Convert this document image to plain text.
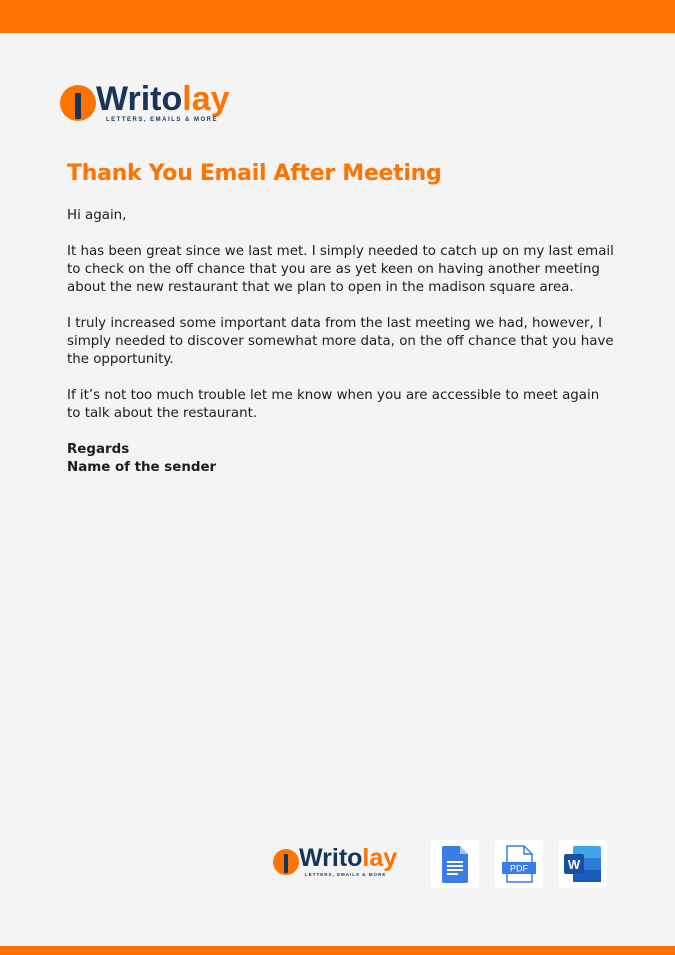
Writo lay
LETTERS, EMAILS & MORE
Thank You Email After Meeting

Hi again,

It has been great since we last met. I simply needed to catch up on my last email
to check on the off chance that you are as yet keen on having another meeting
about the new restaurant that we plan to open in the madison square area.

I truly increased some important data from the last meeting we had, however, I
simply needed to discover somewhat more data, on the off chance that you have
the opportunity.

If it’s not too much trouble let me know when you are accessible to meet again
to talk about the restaurant.

Regards
Name of the sender
Writo lay
LETTERS, EMAILS & MORE
PDF	W
